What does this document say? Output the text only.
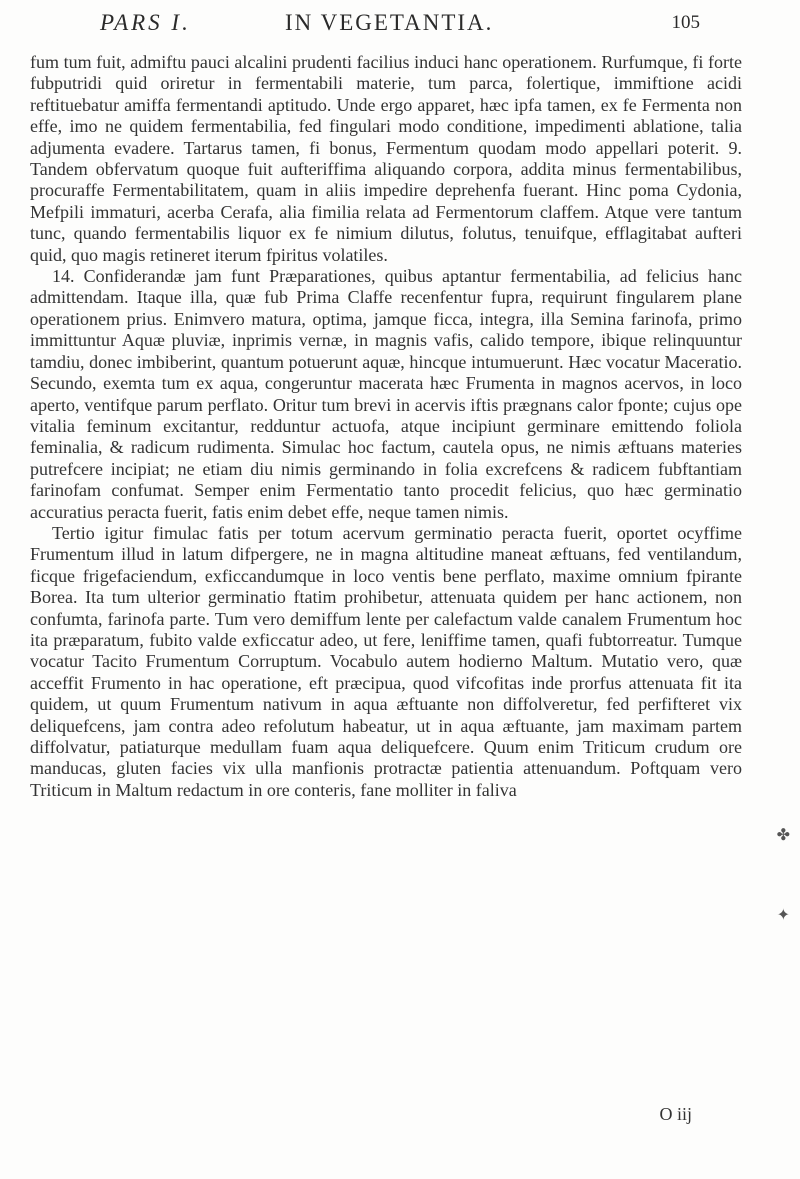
PARS I.	IN VEGETANTIA.	105

fum tum fuit, admiftu pauci alcalini prudenti facilius induci hanc operationem. Rurfumque, fi forte fubputridi quid oriretur in fermentabili materie, tum parca, folertique, immiftione acidi reftituebatur amiffa fermentandi aptitudo. Unde ergo apparet, hæc ipfa tamen, ex fe Fermenta non effe, imo ne quidem fermentabilia, fed fingulari modo conditione, impedimenti ablatione, talia adjumenta evadere. Tartarus tamen, fi bonus, Fermentum quodam modo appellari poterit. 9. Tandem obfervatum quoque fuit aufteriffima aliquando corpora, addita minus fermentabilibus, procuraffe Fermentabilitatem, quam in aliis impedire deprehenfa fuerant. Hinc poma Cydonia, Mefpili immaturi, acerba Cerafa, alia fimilia relata ad Fermentorum claffem. Atque vere tantum tunc, quando fermentabilis liquor ex fe nimium dilutus, folutus, tenuifque, efflagitabat aufteri quid, quo magis retineret iterum fpiritus volatiles.

14. Confiderandæ jam funt Præparationes, quibus aptantur fermentabilia, ad felicius hanc admittendam. Itaque illa, quæ fub Prima Claffe recenfentur fupra, requirunt fingularem plane operationem prius. Enimvero matura, optima, jamque ficca, integra, illa Semina farinofa, primo immittuntur Aquæ pluviæ, inprimis vernæ, in magnis vafis, calido tempore, ibique relinquuntur tamdiu, donec imbiberint, quantum potuerunt aquæ, hincque intumuerunt. Hæc vocatur Maceratio. Secundo, exemta tum ex aqua, congeruntur macerata hæc Frumenta in magnos acervos, in loco aperto, ventifque parum perflato. Oritur tum brevi in acervis iftis prægnans calor fponte; cujus ope vitalia feminum excitantur, redduntur actuofa, atque incipiunt germinare emittendo foliola feminalia, & radicum rudimenta. Simulac hoc factum, cautela opus, ne nimis æftuans materies putrefcere incipiat; ne etiam diu nimis germinando in folia excrefcens & radicem fubftantiam farinofam confumat. Semper enim Fermentatio tanto procedit felicius, quo hæc germinatio accuratius peracta fuerit, fatis enim debet effe, neque tamen nimis.

Tertio igitur fimulac fatis per totum acervum germinatio peracta fuerit, oportet ocyffime Frumentum illud in latum difpergere, ne in magna altitudine maneat æftuans, fed ventilandum, ficque frigefaciendum, exficcandumque in loco ventis bene perflato, maxime omnium fpirante Borea. Ita tum ulterior germinatio ftatim prohibetur, attenuata quidem per hanc actionem, non confumta, farinofa parte. Tum vero demiffum lente per calefactum valde canalem Frumentum hoc ita præparatum, fubito valde exficcatur adeo, ut fere, leniffime tamen, quafi fubtorreatur. Tumque vocatur Tacito Frumentum Corruptum. Vocabulo autem hodierno Maltum. Mutatio vero, quæ acceffit Frumento in hac operatione, eft præcipua, quod vifcofitas inde prorfus attenuata fit ita quidem, ut quum Frumentum nativum in aqua æftuante non diffolveretur, fed perfifteret vix deliquefcens, jam contra adeo refolutum habeatur, ut in aqua æftuante, jam maximam partem diffolvatur, patiaturque medullam fuam aqua deliquefcere. Quum enim Triticum crudum ore manducas, gluten facies vix ulla manfionis protractæ patientia attenuandum. Poftquam vero Triticum in Maltum redactum in ore conteris, fane molliter in faliva

✤
✦
O iij
